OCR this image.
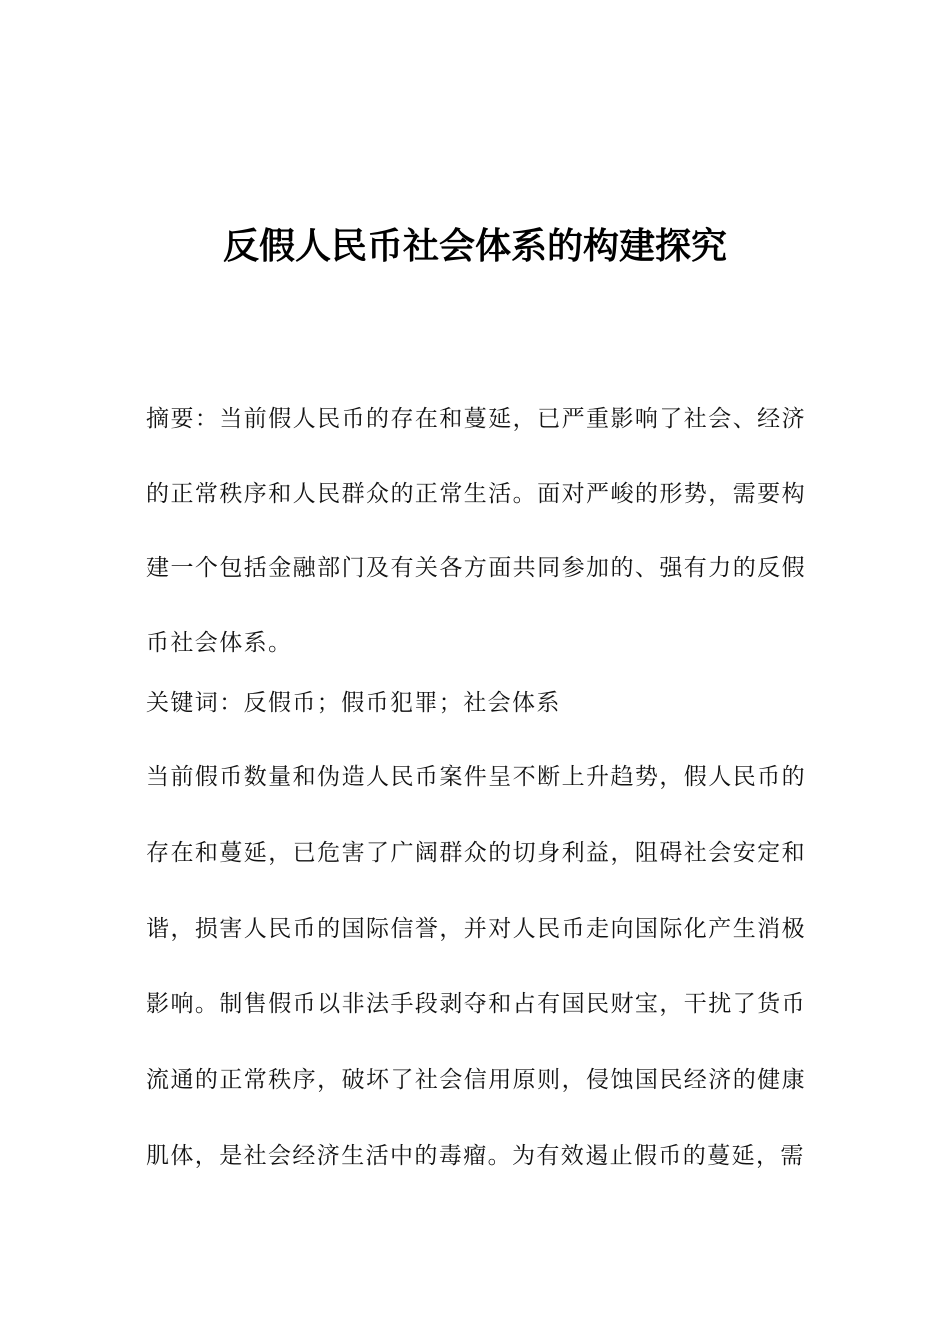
反假人民币社会体系的构建探究
摘要：当前假人民币的存在和蔓延，已严重影响了社会、经济的正常秩序和人民群众的正常生活。面对严峻的形势，需要构建一个包括金融部门及有关各方面共同参加的、强有力的反假币社会体系。
关键词：反假币；假币犯罪；社会体系
当前假币数量和伪造人民币案件呈不断上升趋势，假人民币的存在和蔓延，已危害了广阔群众的切身利益，阻碍社会安定和谐，损害人民币的国际信誉，并对人民币走向国际化产生消极影响。制售假币以非法手段剥夺和占有国民财宝，干扰了货币流通的正常秩序，破坏了社会信用原则，侵蚀国民经济的健康肌体，是社会经济生活中的毒瘤。为有效遏止假币的蔓延，需
